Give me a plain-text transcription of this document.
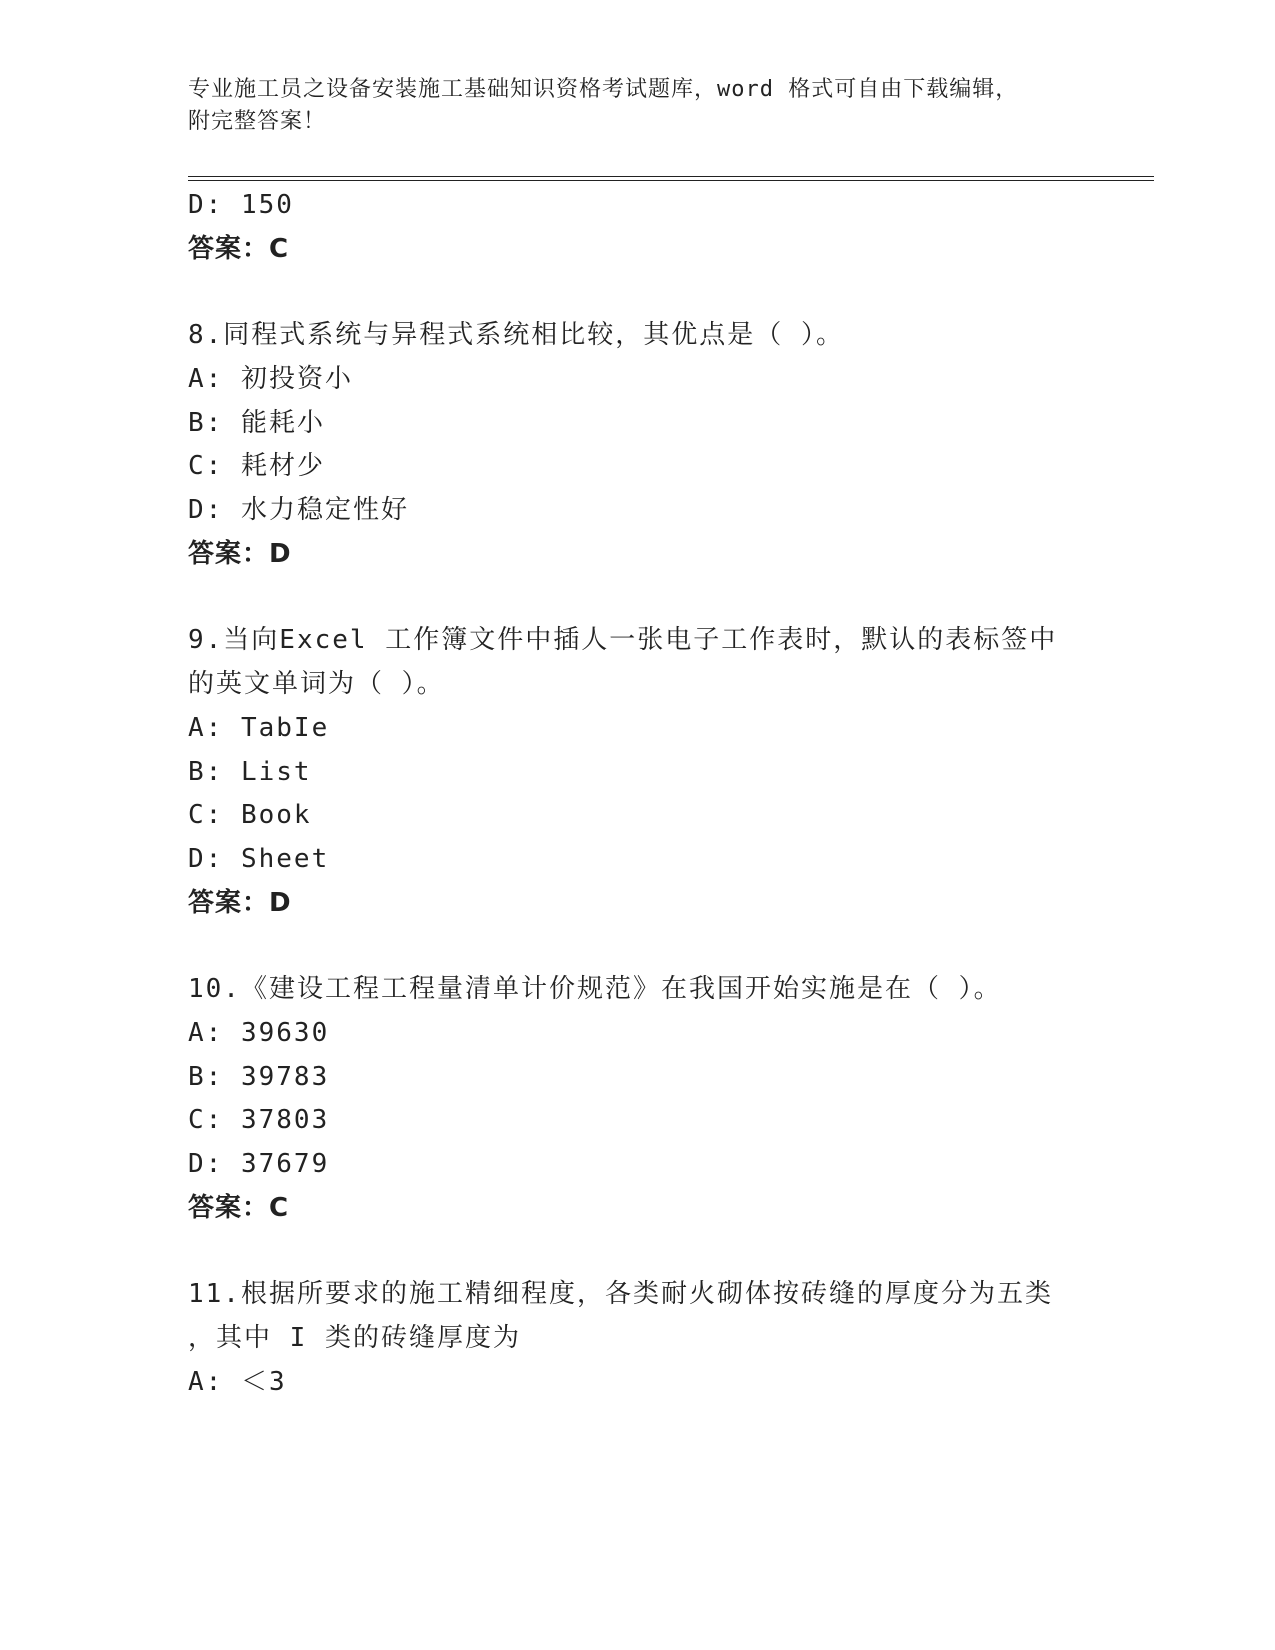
专业施工员之设备安装施工基础知识资格考试题库，word 格式可自由下载编辑，
附完整答案！
D: 150
答案：C
8.同程式系统与异程式系统相比较，其优点是（ ）。
A: 初投资小
B: 能耗小
C: 耗材少
D: 水力稳定性好
答案：D
9.当向Excel 工作簿文件中插人一张电子工作表时，默认的表标签中
的英文单词为（ ）。
A: TabIe
B: List
C: Book
D: Sheet
答案：D
10.《建设工程工程量清单计价规范》在我国开始实施是在（ ）。
A: 39630
B: 39783
C: 37803
D: 37679
答案：C
11.根据所要求的施工精细程度，各类耐火砌体按砖缝的厚度分为五类
，其中 I 类的砖缝厚度为
A: ＜3
